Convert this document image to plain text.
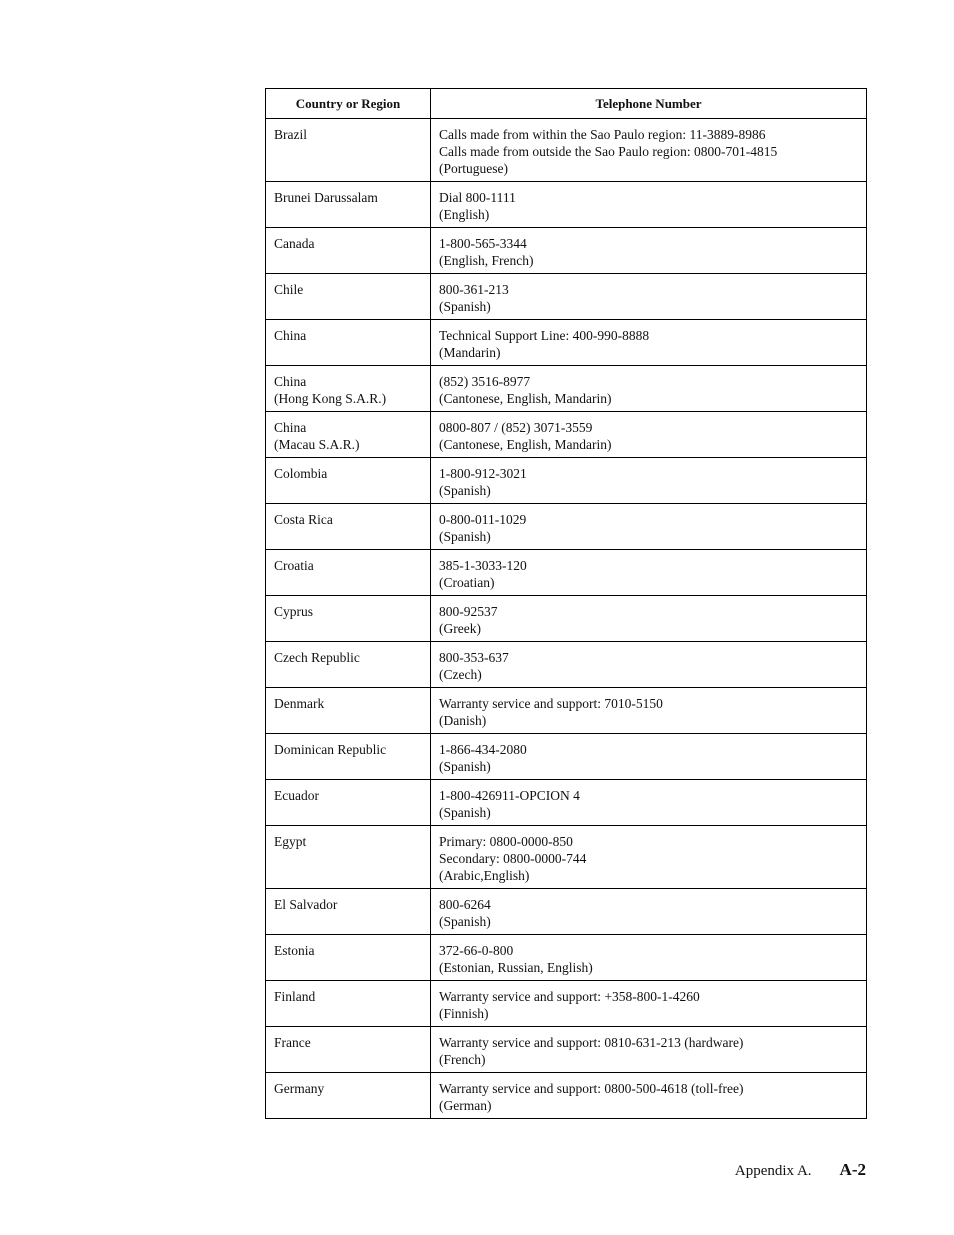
Country or Region	Telephone Number

Brazil	Calls made from within the Sao Paulo region: 11-3889-8986
Calls made from outside the Sao Paulo region: 0800-701-4815
(Portuguese)

Brunei Darussalam	Dial 800-1111
(English)

Canada	1-800-565-3344
(English, French)

Chile	800-361-213
(Spanish)

China	Technical Support Line: 400-990-8888
(Mandarin)

China
(Hong Kong S.A.R.)	(852) 3516-8977
(Cantonese, English, Mandarin)

China
(Macau S.A.R.)	0800-807 / (852) 3071-3559
(Cantonese, English, Mandarin)

Colombia	1-800-912-3021
(Spanish)

Costa Rica	0-800-011-1029
(Spanish)

Croatia	385-1-3033-120
(Croatian)

Cyprus	800-92537
(Greek)

Czech Republic	800-353-637
(Czech)

Denmark	Warranty service and support: 7010-5150
(Danish)

Dominican Republic	1-866-434-2080
(Spanish)

Ecuador	1-800-426911-OPCION 4
(Spanish)

Egypt	Primary: 0800-0000-850
Secondary: 0800-0000-744
(Arabic,English)

El Salvador	800-6264
(Spanish)

Estonia	372-66-0-800
(Estonian, Russian, English)

Finland	Warranty service and support: +358-800-1-4260
(Finnish)

France	Warranty service and support: 0810-631-213 (hardware)
(French)

Germany	Warranty service and support: 0800-500-4618 (toll-free)
(German)
Appendix A. A-2
